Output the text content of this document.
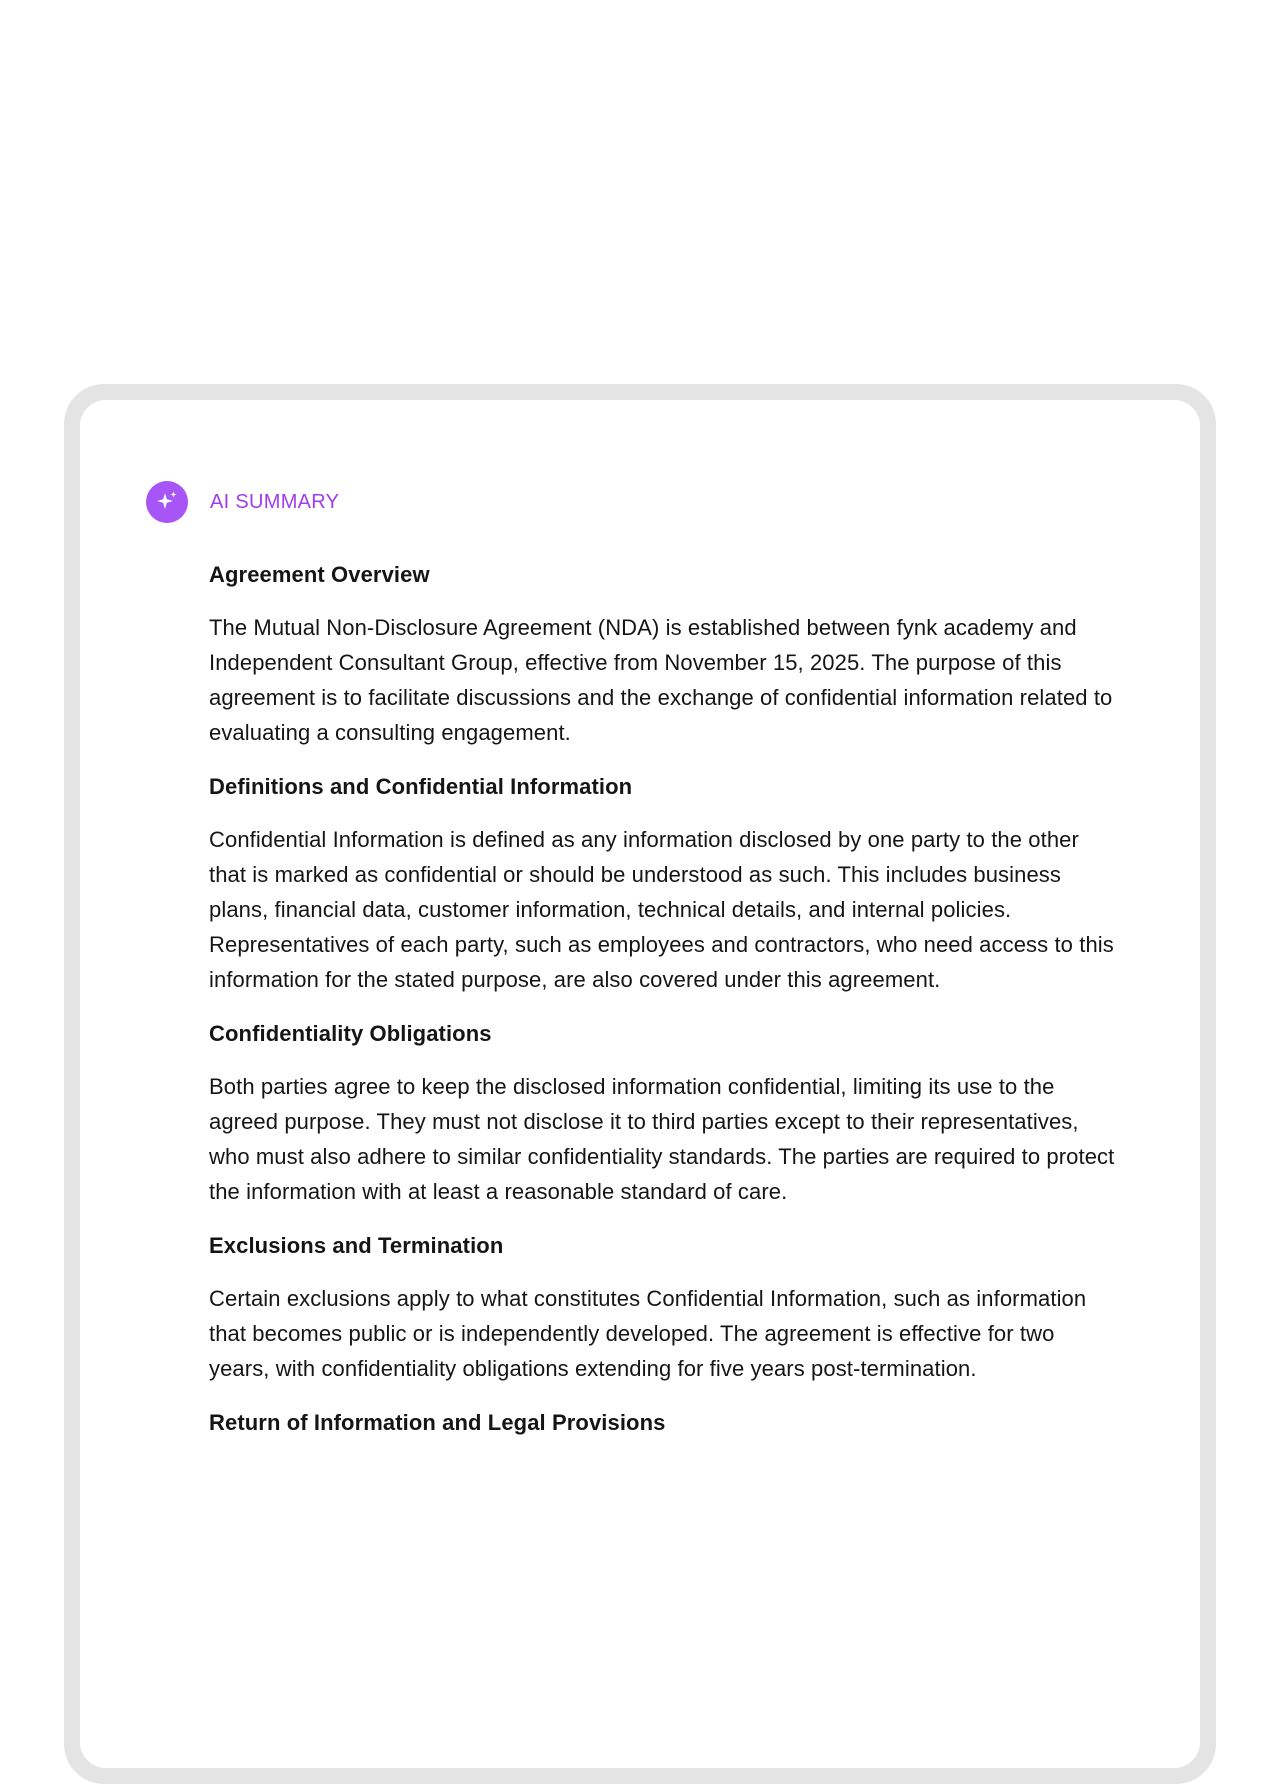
AI SUMMARY
Agreement Overview

The Mutual Non-Disclosure Agreement (NDA) is established between fynk academy and Independent Consultant Group, effective from November 15, 2025. The purpose of this agreement is to facilitate discussions and the exchange of confidential information related to evaluating a consulting engagement.

Definitions and Confidential Information

Confidential Information is defined as any information disclosed by one party to the other that is marked as confidential or should be understood as such. This includes business plans, financial data, customer information, technical details, and internal policies. Representatives of each party, such as employees and contractors, who need access to this information for the stated purpose, are also covered under this agreement.

Confidentiality Obligations

Both parties agree to keep the disclosed information confidential, limiting its use to the agreed purpose. They must not disclose it to third parties except to their representatives, who must also adhere to similar confidentiality standards. The parties are required to protect the information with at least a reasonable standard of care.

Exclusions and Termination

Certain exclusions apply to what constitutes Confidential Information, such as information that becomes public or is independently developed. The agreement is effective for two years, with confidentiality obligations extending for five years post-termination.

Return of Information and Legal Provisions
